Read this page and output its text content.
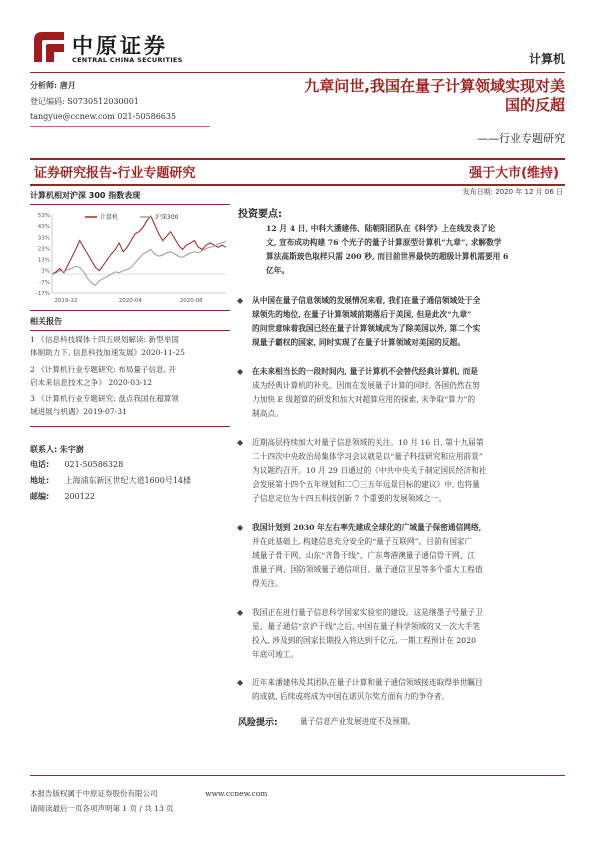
中原证券
CENTRAL CHINA SECURITIES	计算机
分析师: 唐月
登记编码: S0730512030001
tangyue@ccnew.com 021-50586635
九章问世,我国在量子计算领域实现对美
国的反超
——行业专题研究
证券研究报告-行业专题研究	强于大市(维持)
发布日期: 2020 年 12 月 06 日
计算机相对沪深 300 指数表现
53%
43%
33%
23%
13%
3%
-7%
-17%
2019-12	2020-04	2020-08
计算机	沪深300
相关报告
1 《信息科技媒体十四五规划解读: 新型举国
体制助力下, 信息科技加速发展》2020-11-25
2 《计算机行业专题研究: 布局量子信息, 开
启未来信息技术之争》 2020-03-12
3 《计算机行业专题研究: 盘点我国在超算领
域进展与机遇》2019-07-31
联系人: 朱宇澍
电话: 021-50586328
地址: 上海浦东新区世纪大道1600号14楼
邮编: 200122
投资要点:
12 月 4 日, 中科大潘建伟、陆朝阳团队在《科学》上在线发表了论
文, 宣布成功构建 76 个光子的量子计算原型计算机“九章”, 求解数学
算法高斯玻色取样只需 200 秒, 而目前世界最快的超级计算机需要用 6
亿年。
◆ 从中国在量子信息领域的发展情况来看, 我们在量子通信领域处于全
球领先的地位, 在量子计算领域前期落后于美国, 但是此次“九章”
的问世意味着我国已经在量子计算领域成为了除美国以外, 第二个实
现量子霸权的国家, 同时实现了在量子计算领域对美国的反超。
◆ 在未来相当长的一段时间内, 量子计算机不会替代经典计算机, 而是
成为经典计算机的补充。因而在发展量子计算的同时, 各国仍然在努
力加快 E 级超算的研发和加大对超算应用的探索, 未争取“算力”的
制高点。
◆ 近期高层持续加大对量子信息领域的关注。10 月 16 日, 第十九届第
二十四次中央政治局集体学习会议就是以“量子科技研究和应用前景”
为议题约召开。10 月 29 日通过的《中共中央关于制定国民经济和社
会发展第十四个五年规划和二〇三五年远景目标的建议》中, 也将量
子信息定位为十四五科技创新 7 个重要的发展领域之一。
◆ 我国计划到 2030 年左右率先建成全球化的广域量子保密通信网络,
并在此基础上, 构建信息充分安全的“量子互联网”。目前有国家广
域量子骨干网、山东“齐鲁干线”、广东粤港澳量子通信骨干网、江
淮量子网、国防领域量子通信项目、量子通信卫星等多个重大工程值
得关注。
◆ 我国正在进行量子信息科学国家实验室的建设。这是继墨子号量子卫
星、量子通信“京沪干线”之后, 中国在量子科学领域的又一次大手笔
投入, 涉及到的国家长期投入将达到千亿元, 一期工程预计在 2020
年底可竣工。
◆ 近年来潘建伟及其团队在量子计算和量子通信领域接连取得举世瞩目
的成就, 后续或将成为中国在诺贝尔奖方面有力的争夺者。
风险提示:	量子信息产业发展进度不及预期。
本报告版权属于中原证券股份有限公司                    www.ccnew.com
请阅读最后一页各项声明第 1 页 / 共 13 页
